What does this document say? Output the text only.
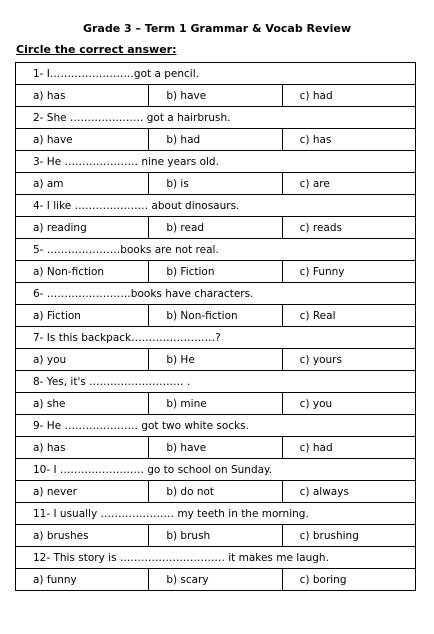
Grade 3 – Term 1 Grammar & Vocab Review
Circle the correct answer:
1- I……………………got a pencil.		
a) has	b) have	c) had
2- She ………………… got a hairbrush.		
a) have	b) had	c) has
3- He ………………… nine years old.		
a) am	b) is	c) are
4- I like ………………… about dinosaurs.		
a) reading	b) read	c) reads
5- …………………books are not real.		
a) Non-fiction	b) Fiction	c) Funny
6- ……………………books have characters.		
a) Fiction	b) Non-fiction	c) Real
7- Is this backpack……………………?		
a) you	b) He	c) yours
8- Yes, it's ……………………… .		
a) she	b) mine	c) you
9- He ………………… got two white socks.		
a) has	b) have	c) had
10- I …………………… go to school on Sunday.		
a) never	b) do not	c) always
11- I usually ………………… my teeth in the morning.		
a) brushes	b) brush	c) brushing
12- This story is ………………………… it makes me laugh.		
a) funny	b) scary	c) boring
